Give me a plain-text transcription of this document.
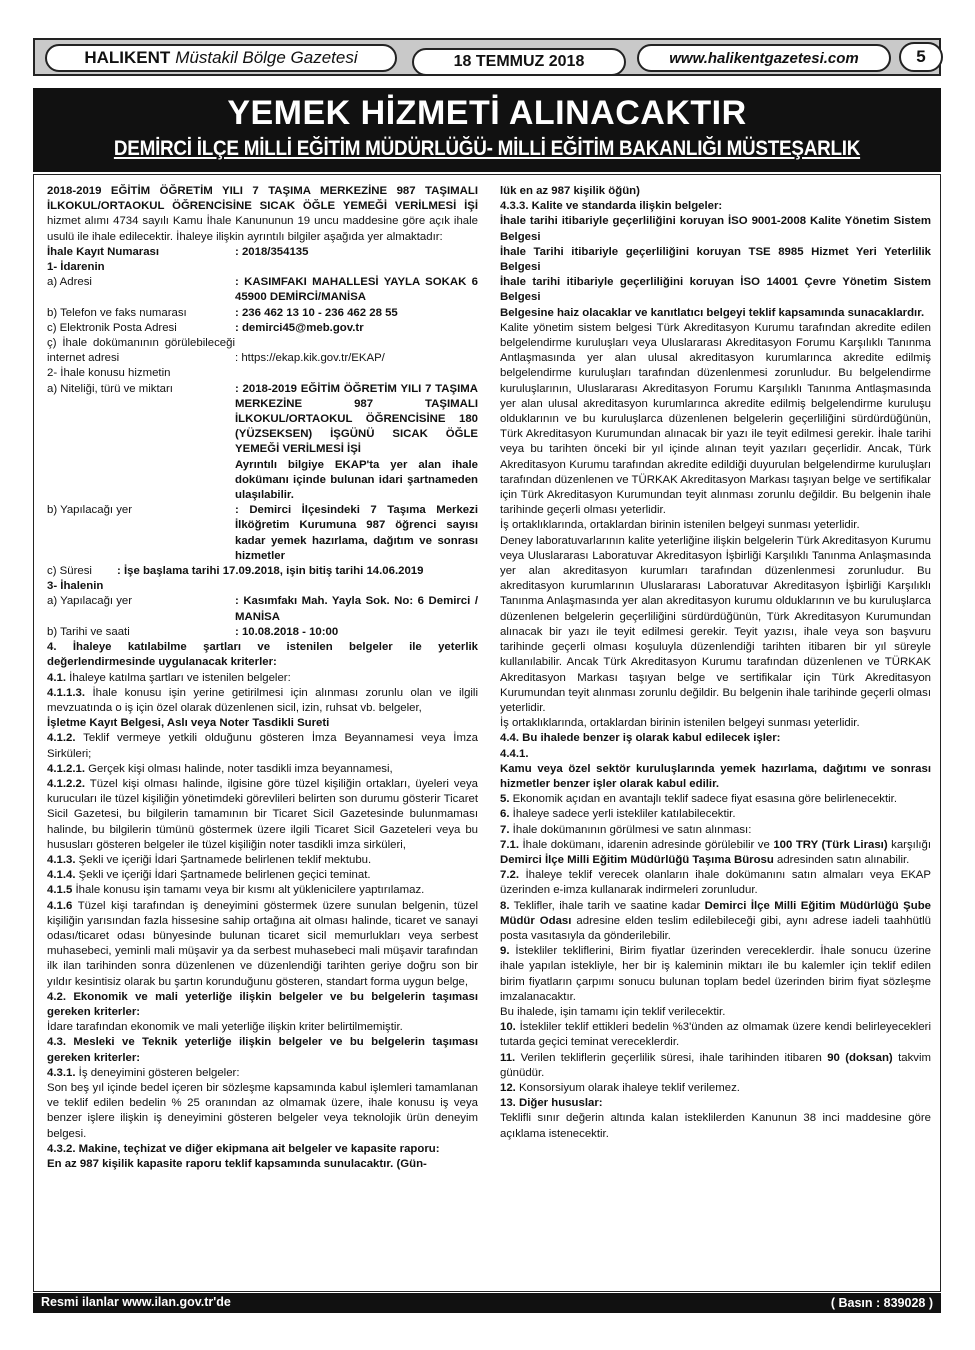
HALIKENT Müstakil Bölge Gazetesi	18 TEMMUZ 2018	www.halikentgazetesi.com	5
YEMEK HİZMETİ ALINACAKTIR
DEMİRCİ İLÇE MİLLİ EĞİTİM MÜDÜRLÜĞÜ- MİLLİ EĞİTİM BAKANLIĞI MÜSTEŞARLIK

2018-2019 EĞİTİM ÖĞRETİM YILI 7 TAŞIMA MERKEZİNE 987 TAŞIMALI İLKOKUL/ORTAOKUL ÖĞRENCİSİNE SICAK ÖĞLE YEMEĞİ VERİLMESİ İŞİ hizmet alımı 4734 sayılı Kamu İhale Kanununun 19 uncu maddesine göre açık ihale usulü ile ihale edilecektir. İhaleye ilişkin ayrıntılı bilgiler aşağıda yer almaktadır:

İhale Kayıt Numarası	: 2018/354135

1- İdarenin

a) Adresi	: KASIMFAKI MAHALLESİ YAYLA SOKAK 6 45900 DEMİRCİ/MANİSA
b) Telefon ve faks numarası	: 236 462 13 10 - 236 462 28 55
c) Elektronik Posta Adresi	: demirci45@meb.gov.tr
ç) İhale dokümanının görülebileceği internet adresi	: https://ekap.kik.gov.tr/EKAP/

2- İhale konusu hizmetin

a) Niteliği, türü ve miktarı	: 2018-2019 EĞİTİM ÖĞRETİM YILI 7 TAŞIMA MERKEZİNE 987 TAŞIMALI İLKOKUL/ORTAOKUL ÖĞRENCİSİNE 180 (YÜZSEKSEN) İŞGÜNÜ SICAK ÖĞLE YEMEĞİ VERİLMESİ İŞİ
Ayrıntılı bilgiye EKAP'ta yer alan ihale dokümanı içinde bulunan idari şartnameden ulaşılabilir.
b) Yapılacağı yer	: Demirci İlçesindeki 7 Taşıma Merkezi İlköğretim Kurumuna 987 öğrenci sayısı kadar yemek hazırlama, dağıtım ve sonrası hizmetler
c) Süresi	: İşe başlama tarihi 17.09.2018, işin bitiş tarihi 14.06.2019

3- İhalenin

a) Yapılacağı yer	: Kasımfakı Mah. Yayla Sok. No: 6 Demirci / MANİSA
b) Tarihi ve saati	: 10.08.2018 - 10:00

4. İhaleye katılabilme şartları ve istenilen belgeler ile yeterlik değerlendirmesinde uygulanacak kriterler:

4.1. İhaleye katılma şartları ve istenilen belgeler:

4.1.1.3. İhale konusu işin yerine getirilmesi için alınması zorunlu olan ve ilgili mevzuatında o iş için özel olarak düzenlenen sicil, izin, ruhsat vb. belgeler,
İşletme Kayıt Belgesi, Aslı veya Noter Tasdikli Sureti

4.1.2. Teklif vermeye yetkili olduğunu gösteren İmza Beyannamesi veya İmza Sirküleri;

4.1.2.1. Gerçek kişi olması halinde, noter tasdikli imza beyannamesi,

4.1.2.2. Tüzel kişi olması halinde, ilgisine göre tüzel kişiliğin ortakları, üyeleri veya kurucuları ile tüzel kişiliğin yönetimdeki görevlileri belirten son durumu gösterir Ticaret Sicil Gazetesi, bu bilgilerin tamamının bir Ticaret Sicil Gazetesinde bulunmaması halinde, bu bilgilerin tümünü göstermek üzere ilgili Ticaret Sicil Gazeteleri veya bu hususları gösteren belgeler ile tüzel kişiliğin noter tasdikli imza sirküleri,

4.1.3. Şekli ve içeriği İdari Şartnamede belirlenen teklif mektubu.

4.1.4. Şekli ve içeriği İdari Şartnamede belirlenen geçici teminat.

4.1.5 İhale konusu işin tamamı veya bir kısmı alt yüklenicilere yaptırılamaz.

4.1.6 Tüzel kişi tarafından iş deneyimini göstermek üzere sunulan belgenin, tüzel kişiliğin yarısından fazla hissesine sahip ortağına ait olması halinde, ticaret ve sanayi odası/ticaret odası bünyesinde bulunan ticaret sicil memurlukları veya serbest muhasebeci, yeminli mali müşavir ya da serbest muhasebeci mali müşavir tarafından ilk ilan tarihinden sonra düzenlenen ve düzenlendiği tarihten geriye doğru son bir yıldır kesintisiz olarak bu şartın korunduğunu gösteren, standart forma uygun belge,

4.2. Ekonomik ve mali yeterliğe ilişkin belgeler ve bu belgelerin taşıması gereken kriterler:

İdare tarafından ekonomik ve mali yeterliğe ilişkin kriter belirtilmemiştir.

4.3. Mesleki ve Teknik yeterliğe ilişkin belgeler ve bu belgelerin taşıması gereken kriterler:

4.3.1. İş deneyimini gösteren belgeler:

Son beş yıl içinde bedel içeren bir sözleşme kapsamında kabul işlemleri tamamlanan ve teklif edilen bedelin % 25 oranından az olmamak üzere, ihale konusu iş veya benzer işlere ilişkin iş deneyimini gösteren belgeler veya teknolojik ürün deneyim belgesi.

4.3.2. Makine, teçhizat ve diğer ekipmana ait belgeler ve kapasite raporu:

En az 987 kişilik kapasite raporu teklif kapsamında sunulacaktır. (Gün-

lük en az 987 kişilik öğün)

4.3.3. Kalite ve standarda ilişkin belgeler:

İhale tarihi itibariyle geçerliliğini koruyan İSO 9001-2008 Kalite Yönetim Sistem Belgesi

İhale Tarihi itibariyle geçerliliğini koruyan TSE 8985 Hizmet Yeri Yeterlilik Belgesi

İhale tarihi itibariyle geçerliliğini koruyan İSO 14001 Çevre Yönetim Sistem Belgesi

Belgesine haiz olacaklar ve kanıtlatıcı belgeyi teklif kapsamında sunacaklardır.

Kalite yönetim sistem belgesi Türk Akreditasyon Kurumu tarafından akredite edilen belgelendirme kuruluşları veya Uluslararası Akreditasyon Forumu Karşılıklı Tanınma Antlaşmasında yer alan ulusal akreditasyon kurumlarınca akredite edilmiş belgelendirme kuruluşları tarafından düzenlenmesi zorunludur. Bu belgelendirme kuruluşlarının, Uluslararası Akreditasyon Forumu Karşılıklı Tanınma Antlaşmasında yer alan ulusal akreditasyon kurumlarınca akredite edilmiş belgelendirme kuruluşu olduklarının ve bu kuruluşlarca düzenlenen belgelerin geçerliliğini sürdürdüğünün, Türk Akreditasyon Kurumundan alınacak bir yazı ile teyit edilmesi gerekir. İhale tarihi veya bu tarihten önceki bir yıl içinde alınan teyit yazıları geçerlidir. Ancak, Türk Akreditasyon Kurumu tarafından akredite edildiği duyurulan belgelendirme kuruluşları tarafından düzenlenen ve TÜRKAK Akreditasyon Markası taşıyan belge ve sertifikalar için Türk Akreditasyon Kurumundan teyit alınması zorunlu değildir. Bu belgenin ihale tarihinde geçerli olması yeterlidir.

İş ortaklıklarında, ortaklardan birinin istenilen belgeyi sunması yeterlidir.

Deney laboratuvarlarının kalite yeterliğine ilişkin belgelerin Türk Akreditasyon Kurumu veya Uluslararası Laboratuvar Akreditasyon İşbirliği Karşılıklı Tanınma Anlaşmasında yer alan akreditasyon kurumları tarafından düzenlenmesi zorunludur. Bu akreditasyon kurumlarının Uluslararası Laboratuvar Akreditasyon İşbirliği Karşılıklı Tanınma Anlaşmasında yer alan akreditasyon kurumu olduklarının ve bu kuruluşlarca düzenlenen belgelerin geçerliliğini sürdürdüğünün, Türk Akreditasyon Kurumundan alınacak bir yazı ile teyit edilmesi gerekir. Teyit yazısı, ihale veya son başvuru tarihinde geçerli olması koşuluyla düzenlendiği tarihten itibaren bir yıl süreyle kullanılabilir. Ancak Türk Akreditasyon Kurumu tarafından düzenlenen ve TÜRKAK Akreditasyon Markası taşıyan belge ve sertifikalar için Türk Akreditasyon Kurumundan teyit alınması zorunlu değildir. Bu belgenin ihale tarihinde geçerli olması yeterlidir.

İş ortaklıklarında, ortaklardan birinin istenilen belgeyi sunması yeterlidir.

4.4. Bu ihalede benzer iş olarak kabul edilecek işler:

4.4.1.

Kamu veya özel sektör kuruluşlarında yemek hazırlama, dağıtımı ve sonrası hizmetler benzer işler olarak kabul edilir.

5. Ekonomik açıdan en avantajlı teklif sadece fiyat esasına göre belirlenecektir.

6. İhaleye sadece yerli istekliler katılabilecektir.

7. İhale dokümanının görülmesi ve satın alınması:

7.1. İhale dokümanı, idarenin adresinde görülebilir ve 100 TRY (Türk Lirası) karşılığı Demirci İlçe Milli Eğitim Müdürlüğü Taşıma Bürosu adresinden satın alınabilir.

7.2. İhaleye teklif verecek olanların ihale dokümanını satın almaları veya EKAP üzerinden e-imza kullanarak indirmeleri zorunludur.

8. Teklifler, ihale tarih ve saatine kadar Demirci İlçe Milli Eğitim Müdürlüğü Şube Müdür Odası adresine elden teslim edilebileceği gibi, aynı adrese iadeli taahhütlü posta vasıtasıyla da gönderilebilir.

9. İstekliler tekliflerini, Birim fiyatlar üzerinden vereceklerdir. İhale sonucu üzerine ihale yapılan istekliyle, her bir iş kaleminin miktarı ile bu kalemler için teklif edilen birim fiyatların çarpımı sonucu bulunan toplam bedel üzerinden birim fiyat sözleşme imzalanacaktır.

Bu ihalede, işin tamamı için teklif verilecektir.

10. İstekliler teklif ettikleri bedelin %3'ünden az olmamak üzere kendi belirleyecekleri tutarda geçici teminat vereceklerdir.

11. Verilen tekliflerin geçerlilik süresi, ihale tarihinden itibaren 90 (doksan) takvim günüdür.

12. Konsorsiyum olarak ihaleye teklif verilemez.

13. Diğer hususlar:

Teklifli sınır değerin altında kalan isteklilerden Kanunun 38 inci maddesine göre açıklama istenecektir.

Resmi ilanlar www.ilan.gov.tr'de	( Basın : 839028 )
